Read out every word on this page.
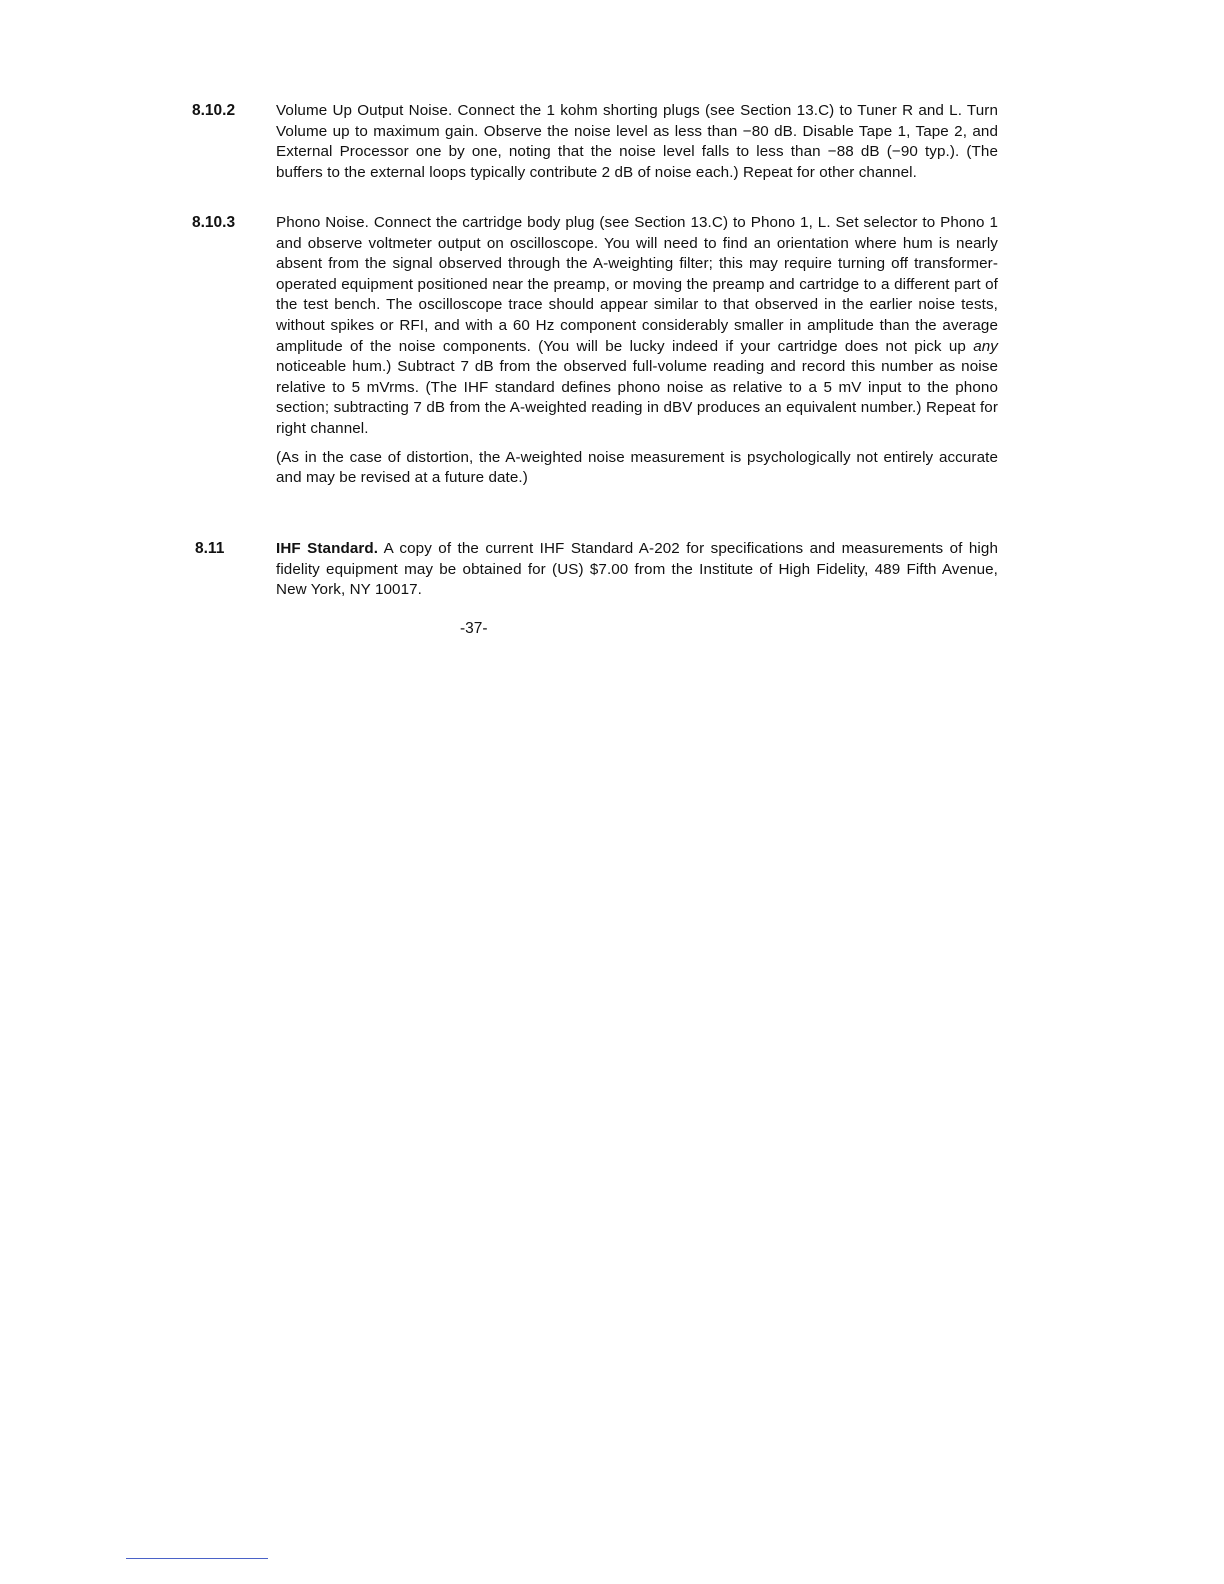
8.10.2	Volume Up Output Noise. Connect the 1 kohm shorting plugs (see Section 13.C) to Tuner R and L. Turn Volume up to maximum gain. Observe the noise level as less than −80 dB. Disable Tape 1, Tape 2, and External Processor one by one, noting that the noise level falls to less than −88 dB (−90 typ.). (The buffers to the external loops typically contribute 2 dB of noise each.) Repeat for other channel.

8.10.3	Phono Noise. Connect the cartridge body plug (see Section 13.C) to Phono 1, L. Set selector to Phono 1 and observe voltmeter output on oscilloscope. You will need to find an orientation where hum is nearly absent from the signal observed through the A-weighting filter; this may require turning off transformer-operated equipment positioned near the preamp, or moving the preamp and cartridge to a different part of the test bench. The oscilloscope trace should appear similar to that observed in the earlier noise tests, without spikes or RFI, and with a 60 Hz component considerably smaller in amplitude than the average amplitude of the noise components. (You will be lucky indeed if your cartridge does not pick up any noticeable hum.) Subtract 7 dB from the observed full-volume reading and record this number as noise relative to 5 mVrms. (The IHF standard defines phono noise as relative to a 5 mV input to the phono section; subtracting 7 dB from the A-weighted reading in dBV produces an equivalent number.) Repeat for right channel.

(As in the case of distortion, the A-weighted noise measurement is psychologically not entirely accurate and may be revised at a future date.)

8.11	IHF Standard. A copy of the current IHF Standard A-202 for specifications and measurements of high fidelity equipment may be obtained for (US) $7.00 from the Institute of High Fidelity, 489 Fifth Avenue, New York, NY 10017.

-37-
